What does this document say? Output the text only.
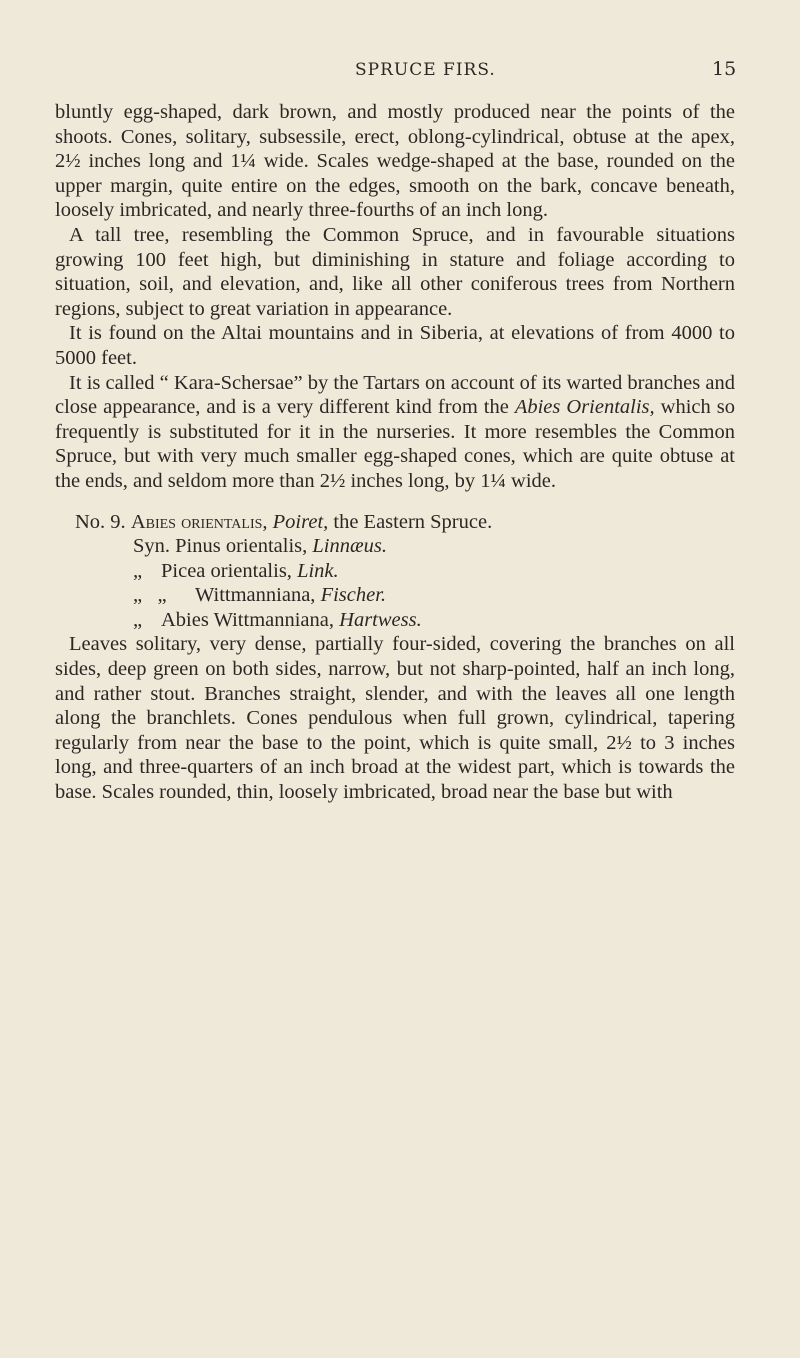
SPRUCE FIRS.	15

bluntly egg-shaped, dark brown, and mostly produced near the points of the shoots. Cones, solitary, subsessile, erect, oblong-cylindrical, obtuse at the apex, 2½ inches long and 1¼ wide. Scales wedge-shaped at the base, rounded on the upper margin, quite entire on the edges, smooth on the bark, concave beneath, loosely imbricated, and nearly three-fourths of an inch long.

A tall tree, resembling the Common Spruce, and in favourable situations growing 100 feet high, but diminishing in stature and foliage according to situation, soil, and elevation, and, like all other coniferous trees from Northern regions, subject to great variation in appearance.

It is found on the Altai mountains and in Siberia, at elevations of from 4000 to 5000 feet.

It is called “ Kara-Schersae” by the Tartars on account of its warted branches and close appearance, and is a very different kind from the Abies Orientalis, which so frequently is substituted for it in the nurseries. It more resembles the Common Spruce, but with very much smaller egg-shaped cones, which are quite obtuse at the ends, and seldom more than 2½ inches long, by 1¼ wide.

No. 9. Abies orientalis, Poiret, the Eastern Spruce.

Syn. Pinus orientalis, Linnæus.

„ Picea orientalis, Link.

„   „ Wittmanniana, Fischer.

„ Abies Wittmanniana, Hartwess.

Leaves solitary, very dense, partially four-sided, covering the branches on all sides, deep green on both sides, narrow, but not sharp-pointed, half an inch long, and rather stout. Branches straight, slender, and with the leaves all one length along the branchlets. Cones pendulous when full grown, cylindrical, tapering regularly from near the base to the point, which is quite small, 2½ to 3 inches long, and three-quarters of an inch broad at the widest part, which is towards the base. Scales rounded, thin, loosely imbricated, broad near the base but with
